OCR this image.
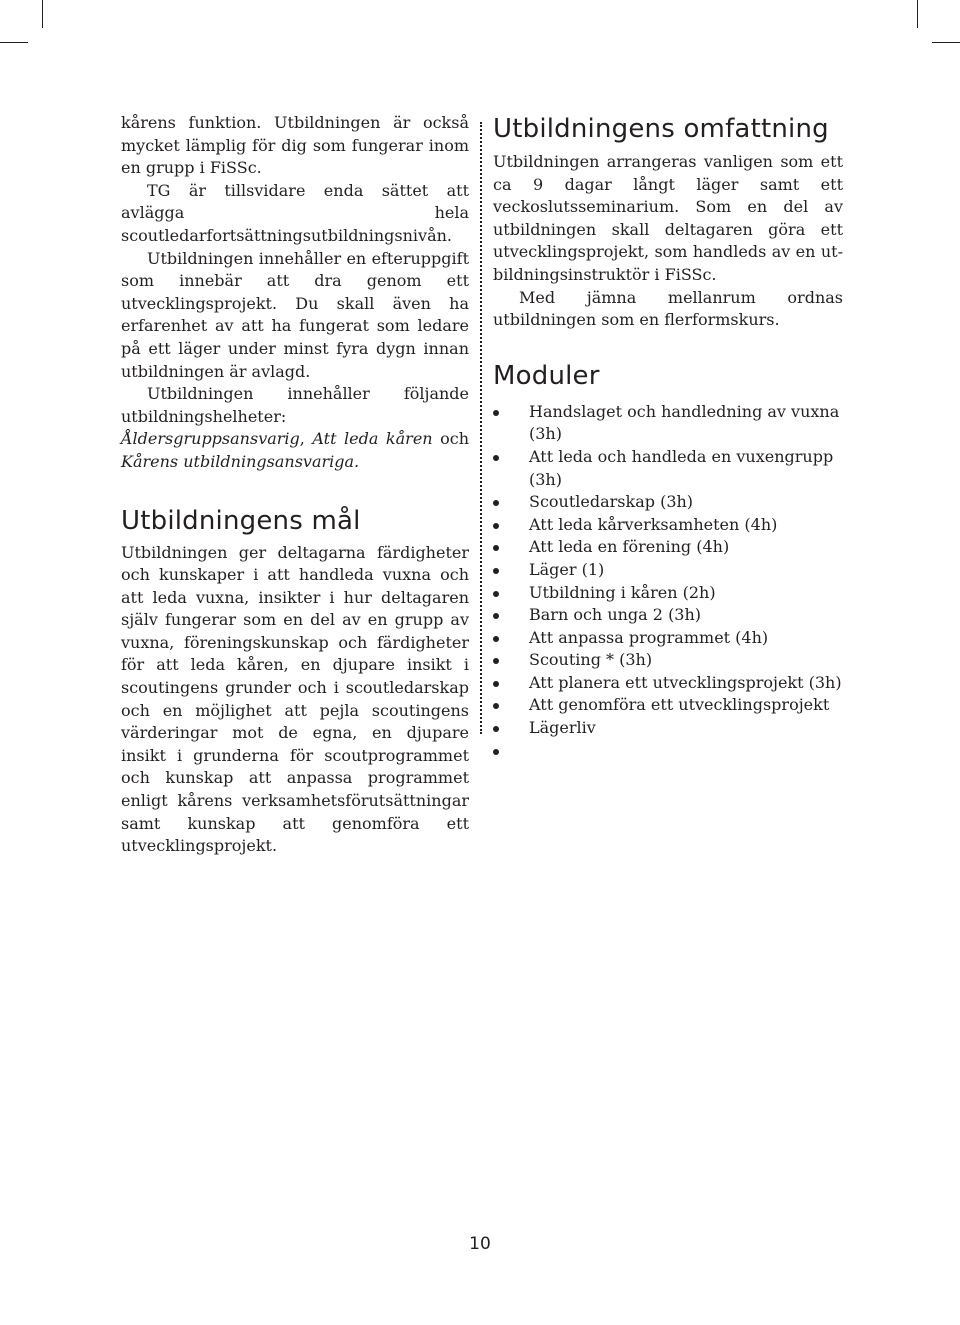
kårens funktion. Utbildningen är också mycket lämplig för dig som fungerar inom en grupp i FiSSc.

TG är tillsvidare enda sättet att avlägga hela scoutledarfortsättningsutbildningsnivån.

Utbildningen innehåller en efteruppgift som innebär att dra genom ett utvecklingsprojekt. Du skall även ha erfarenhet av att ha fungerat som ledare på ett läger under minst fyra dygn innan utbildningen är avlagd.

Utbildningen innehåller följande utbildningshelheter: Åldersgruppsansvarig, Att leda kåren och Kårens utbildningsansvariga.

Utbildningens mål

Utbildningen ger deltagarna färdigheter och kunskaper i att handleda vuxna och att leda vuxna, insikter i hur deltagaren själv fungerar som en del av en grupp av vuxna, föreningskunskap och färdigheter för att leda kåren, en djupare insikt i scoutingens grunder och i scoutledarskap och en möjlighet att pejla scoutingens värderingar mot de egna, en djupare insikt i grunderna för scoutprogrammet och kunskap att anpassa programmet enligt kårens verksamhetsförutsättningar samt kunskap att genomföra ett utvecklingsprojekt.

Utbildningens omfattning

Utbildningen arrangeras vanligen som ett ca 9 dagar långt läger samt ett veckoslutsseminarium. Som en del av utbildningen skall deltagaren göra ett utvecklingsprojekt, som handleds av en utbildningsinstruktör i FiSSc.

Med jämna mellanrum ordnas utbildningen som en flerformskurs.

Moduler
Handslaget och handledning av vuxna (3h)
Att leda och handleda en vuxengrupp (3h)
Scoutledarskap (3h)
Att leda kårverksamheten (4h)
Att leda en förening (4h)
Läger (1)
Utbildning i kåren (2h)
Barn och unga 2 (3h)
Att anpassa programmet (4h)
Scouting * (3h)
Att planera ett utvecklingsprojekt (3h)
Att genomföra ett utvecklingsprojekt
Lägerliv
10
